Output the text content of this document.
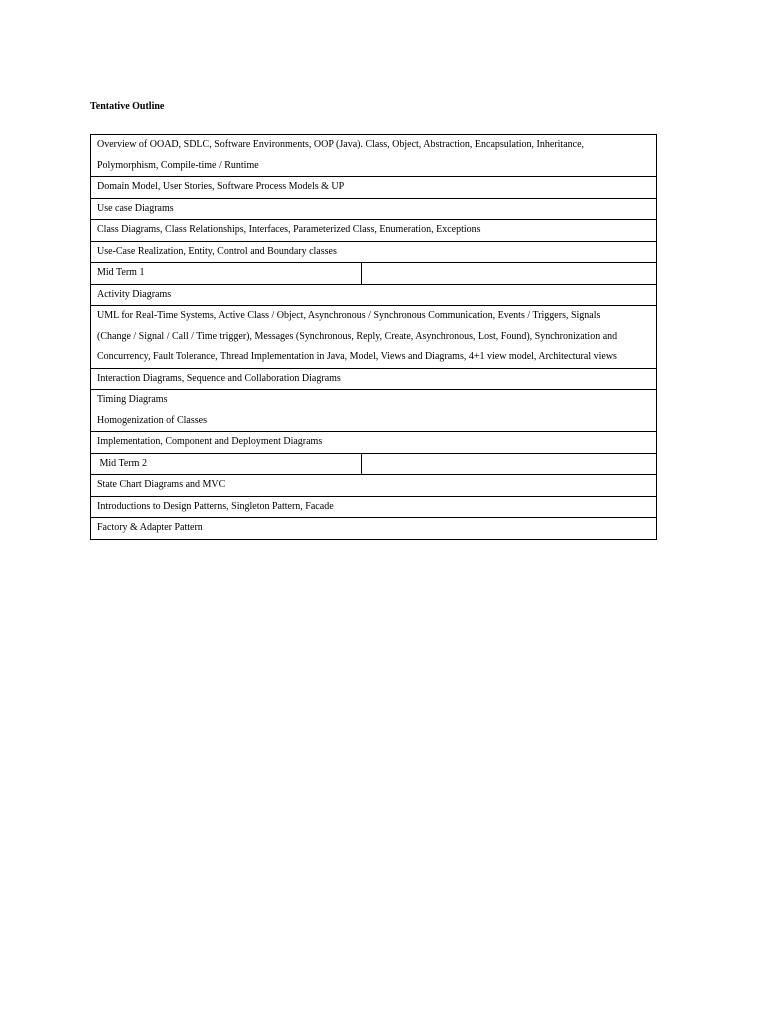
Tentative Outline

Overview of OOAD, SDLC, Software Environments, OOP (Java). Class, Object, Abstraction, Encapsulation, Inheritance,
Polymorphism, Compile-time / Runtime	

Domain Model, User Stories, Software Process Models & UP	

Use case Diagrams	

Class Diagrams, Class Relationships, Interfaces, Parameterized Class, Enumeration, Exceptions	

Use-Case Realization, Entity, Control and Boundary classes	

Mid Term 1	

Activity Diagrams	

UML for Real-Time Systems, Active Class / Object, Asynchronous / Synchronous Communication, Events / Triggers, Signals
(Change / Signal / Call / Time trigger), Messages (Synchronous, Reply, Create, Asynchronous, Lost, Found), Synchronization and
Concurrency, Fault Tolerance, Thread Implementation in Java, Model, Views and Diagrams, 4+1 view model, Architectural views	

Interaction Diagrams, Sequence and Collaboration Diagrams	

Timing Diagrams
Homogenization of Classes	

Implementation, Component and Deployment Diagrams	

Mid Term 2	

State Chart Diagrams and MVC	

Introductions to Design Patterns, Singleton Pattern, Facade	

Factory & Adapter Pattern	
